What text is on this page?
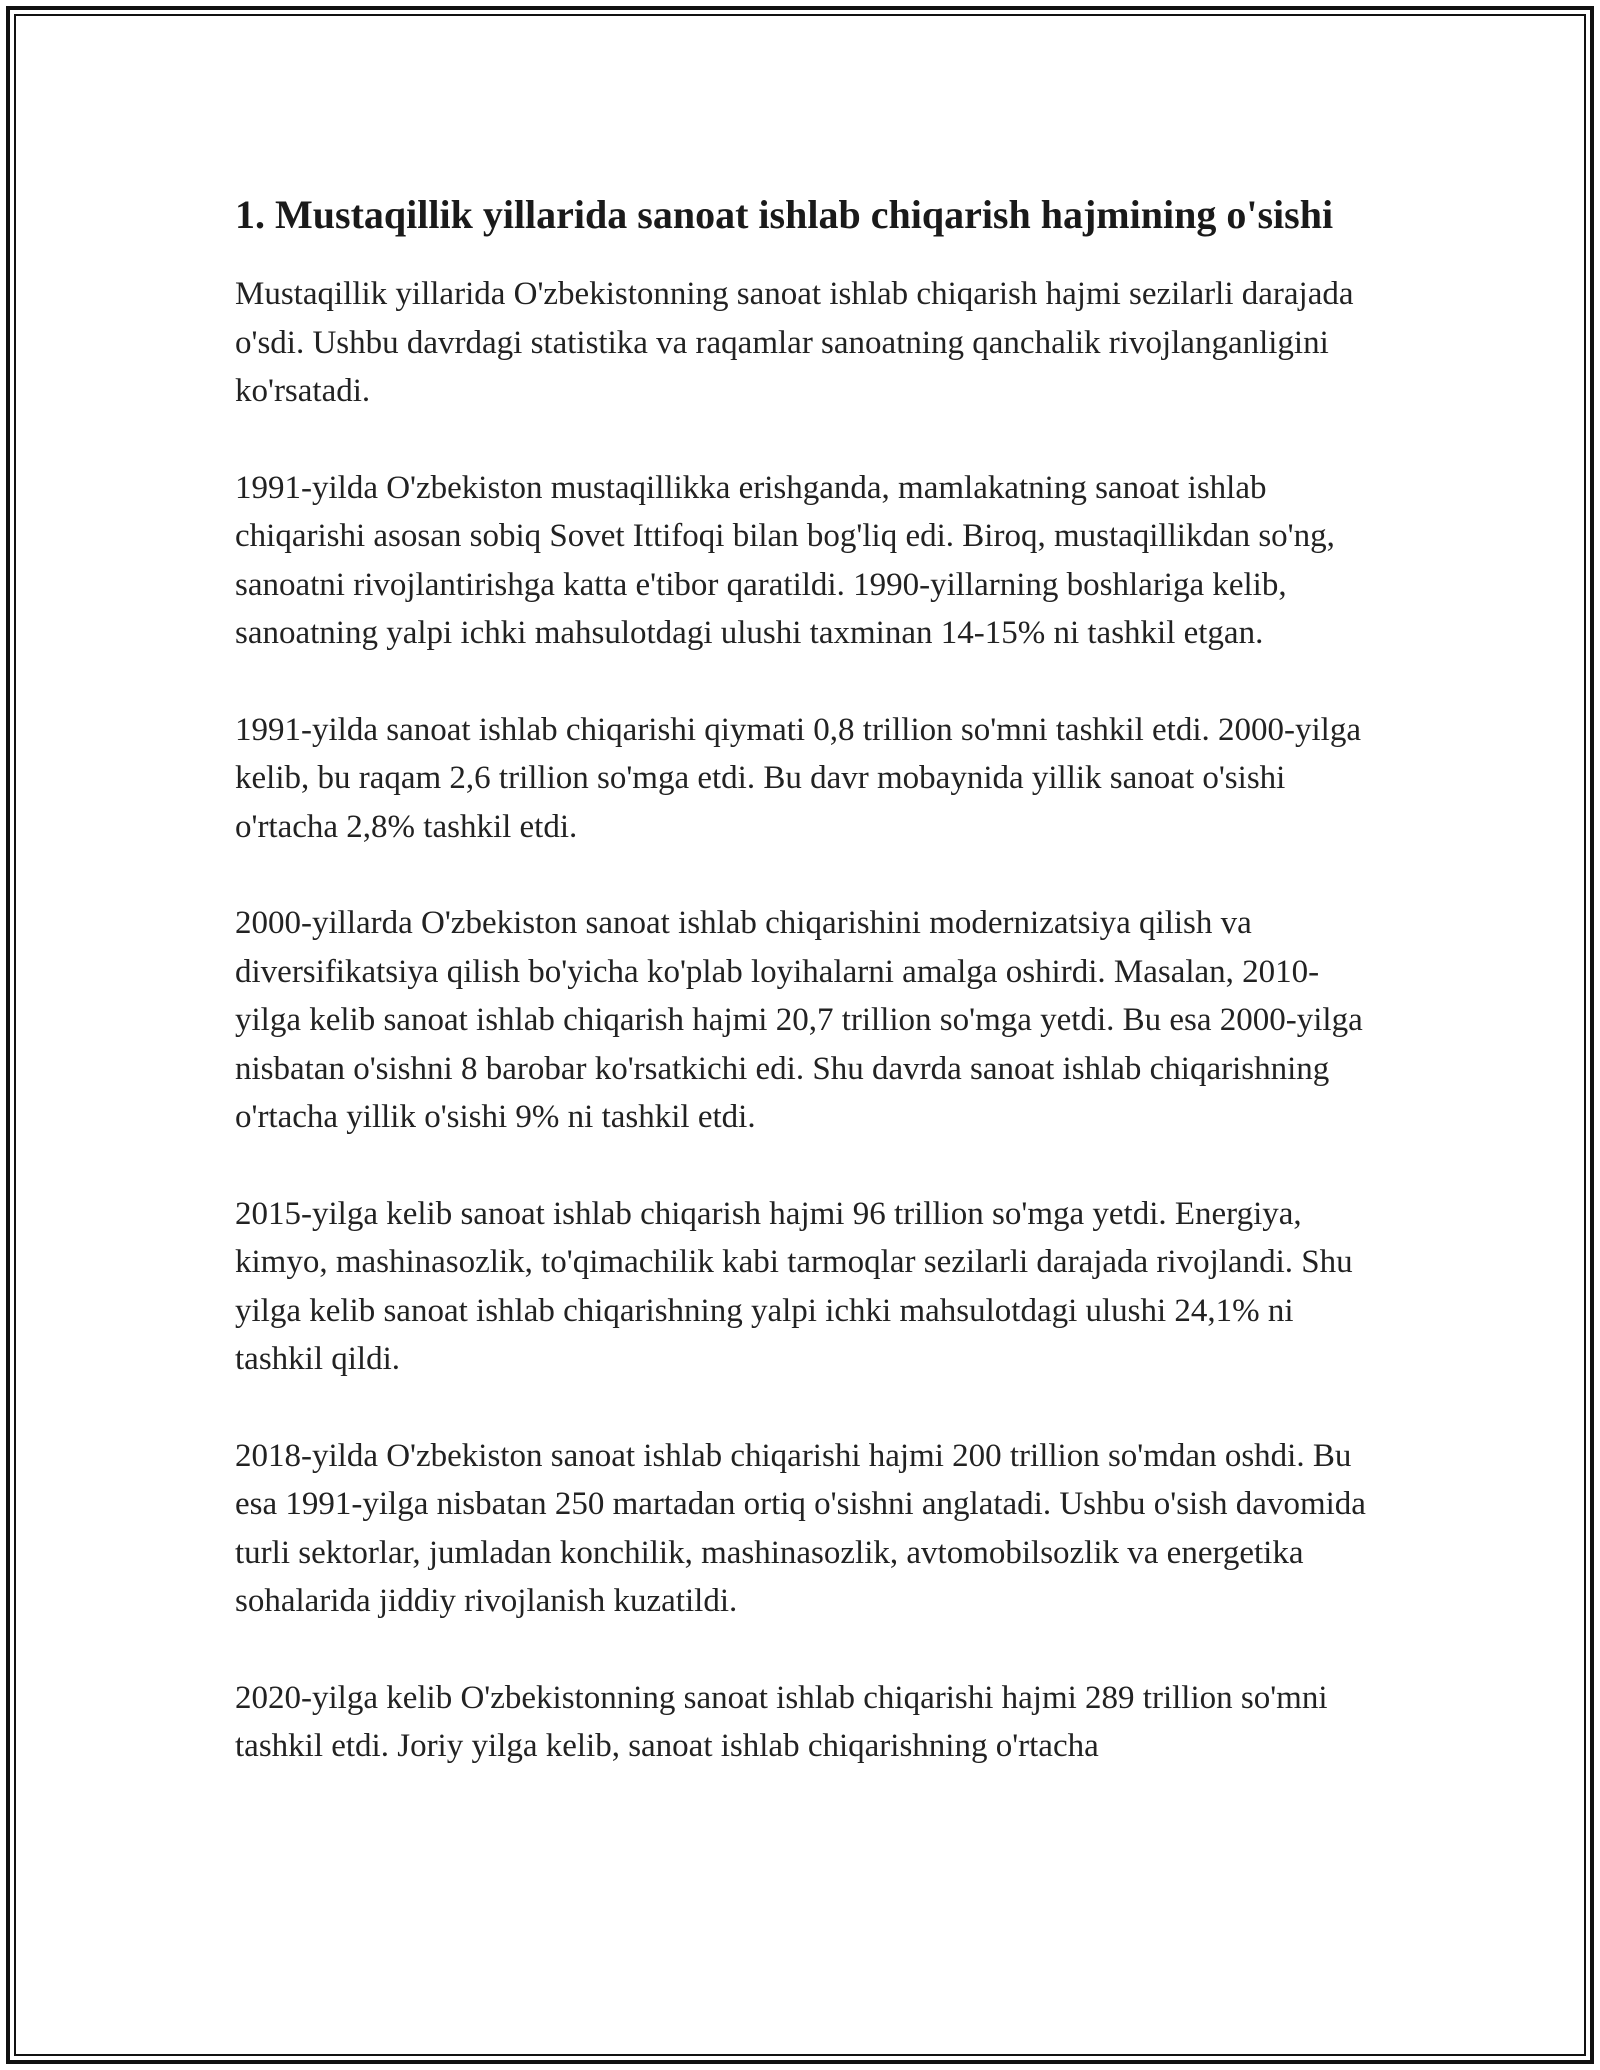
1. Mustaqillik yillarida sanoat ishlab chiqarish hajmining o'sishi

Mustaqillik yillarida O'zbekistonning sanoat ishlab chiqarish hajmi sezilarli darajada o'sdi. Ushbu davrdagi statistika va raqamlar sanoatning qanchalik rivojlanganligini ko'rsatadi.

1991-yilda O'zbekiston mustaqillikka erishganda, mamlakatning sanoat ishlab chiqarishi asosan sobiq Sovet Ittifoqi bilan bog'liq edi. Biroq, mustaqillikdan so'ng, sanoatni rivojlantirishga katta e'tibor qaratildi. 1990-yillarning boshlariga kelib, sanoatning yalpi ichki mahsulotdagi ulushi taxminan 14-15% ni tashkil etgan.

1991-yilda sanoat ishlab chiqarishi qiymati 0,8 trillion so'mni tashkil etdi. 2000-yilga kelib, bu raqam 2,6 trillion so'mga etdi. Bu davr mobaynida yillik sanoat o'sishi o'rtacha 2,8% tashkil etdi.

2000-yillarda O'zbekiston sanoat ishlab chiqarishini modernizatsiya qilish va diversifikatsiya qilish bo'yicha ko'plab loyihalarni amalga oshirdi. Masalan, 2010-yilga kelib sanoat ishlab chiqarish hajmi 20,7 trillion so'mga yetdi. Bu esa 2000-yilga nisbatan o'sishni 8 barobar ko'rsatkichi edi. Shu davrda sanoat ishlab chiqarishning o'rtacha yillik o'sishi 9% ni tashkil etdi.

2015-yilga kelib sanoat ishlab chiqarish hajmi 96 trillion so'mga yetdi. Energiya, kimyo, mashinasozlik, to'qimachilik kabi tarmoqlar sezilarli darajada rivojlandi. Shu yilga kelib sanoat ishlab chiqarishning yalpi ichki mahsulotdagi ulushi 24,1% ni tashkil qildi.

2018-yilda O'zbekiston sanoat ishlab chiqarishi hajmi 200 trillion so'mdan oshdi. Bu esa 1991-yilga nisbatan 250 martadan ortiq o'sishni anglatadi. Ushbu o'sish davomida turli sektorlar, jumladan konchilik, mashinasozlik, avtomobilsozlik va energetika sohalarida jiddiy rivojlanish kuzatildi.

2020-yilga kelib O'zbekistonning sanoat ishlab chiqarishi hajmi 289 trillion so'mni tashkil etdi. Joriy yilga kelib, sanoat ishlab chiqarishning o'rtacha
